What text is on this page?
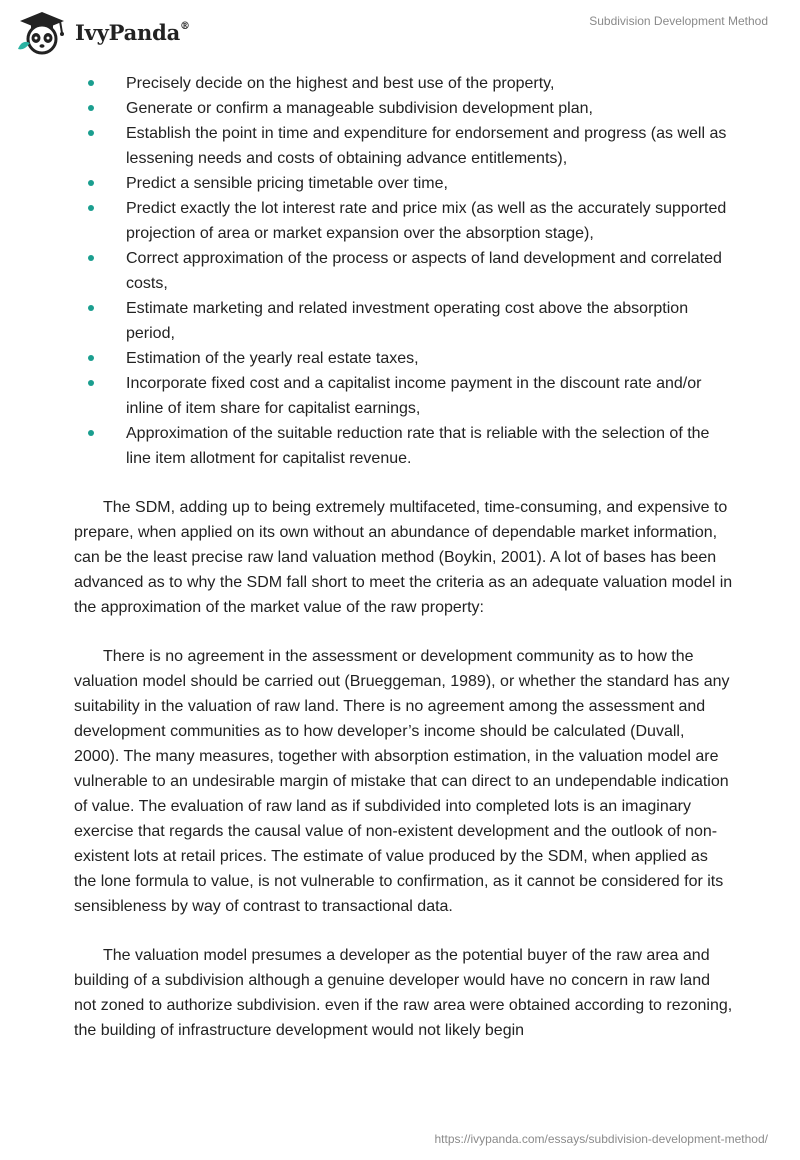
IvyPanda®	Subdivision Development Method
Precisely decide on the highest and best use of the property,
Generate or confirm a manageable subdivision development plan,
Establish the point in time and expenditure for endorsement and progress (as well as lessening needs and costs of obtaining advance entitlements),
Predict a sensible pricing timetable over time,
Predict exactly the lot interest rate and price mix (as well as the accurately supported projection of area or market expansion over the absorption stage),
Correct approximation of the process or aspects of land development and correlated costs,
Estimate marketing and related investment operating cost above the absorption period,
Estimation of the yearly real estate taxes,
Incorporate fixed cost and a capitalist income payment in the discount rate and/or inline of item share for capitalist earnings,
Approximation of the suitable reduction rate that is reliable with the selection of the line item allotment for capitalist revenue.

The SDM, adding up to being extremely multifaceted, time-consuming, and expensive to prepare, when applied on its own without an abundance of dependable market information, can be the least precise raw land valuation method (Boykin, 2001). A lot of bases has been advanced as to why the SDM fall short to meet the criteria as an adequate valuation model in the approximation of the market value of the raw property:

There is no agreement in the assessment or development community as to how the valuation model should be carried out (Brueggeman, 1989), or whether the standard has any suitability in the valuation of raw land. There is no agreement among the assessment and development communities as to how developer’s income should be calculated (Duvall, 2000). The many measures, together with absorption estimation, in the valuation model are vulnerable to an undesirable margin of mistake that can direct to an undependable indication of value. The evaluation of raw land as if subdivided into completed lots is an imaginary exercise that regards the causal value of non-existent development and the outlook of non-existent lots at retail prices. The estimate of value produced by the SDM, when applied as the lone formula to value, is not vulnerable to confirmation, as it cannot be considered for its sensibleness by way of contrast to transactional data.

The valuation model presumes a developer as the potential buyer of the raw area and building of a subdivision although a genuine developer would have no concern in raw land not zoned to authorize subdivision. even if the raw area were obtained according to rezoning, the building of infrastructure development would not likely begin

https://ivypanda.com/essays/subdivision-development-method/
